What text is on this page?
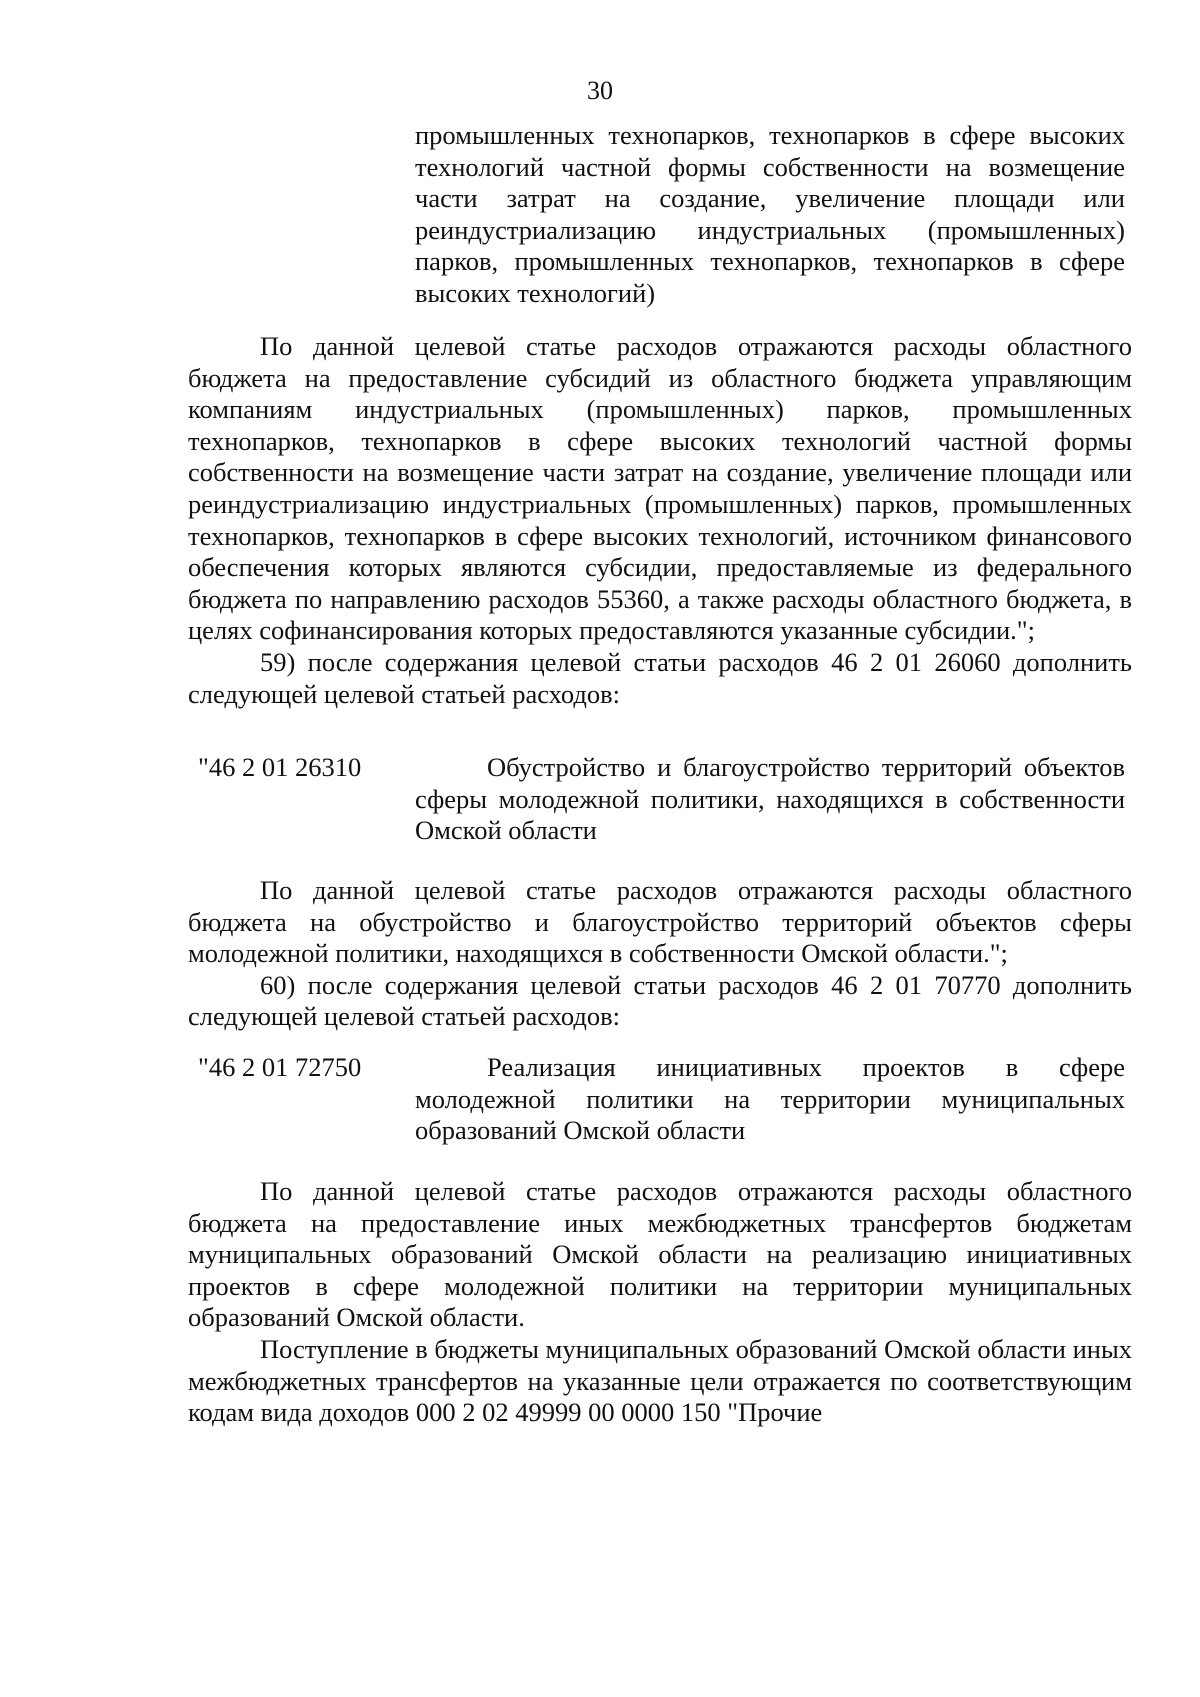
30

промышленных технопарков, технопарков в сфере высоких технологий частной формы собственности на возмещение части затрат на создание, увеличение площади или реиндустриализацию индустриальных (промышленных) парков, промышленных технопарков, технопарков в сфере высоких технологий)

По данной целевой статье расходов отражаются расходы областного бюджета на предоставление субсидий из областного бюджета управляющим компаниям индустриальных (промышленных) парков, промышленных технопарков, технопарков в сфере высоких технологий частной формы собственности на возмещение части затрат на создание, увеличение площади или реиндустриализацию индустриальных (промышленных) парков, промышленных технопарков, технопарков в сфере высоких технологий, источником финансового обеспечения которых являются субсидии, предоставляемые из федерального бюджета по направлению расходов 55360, а также расходы областного бюджета, в целях софинансирования которых предоставляются указанные субсидии.";

59) после содержания целевой статьи расходов 46 2 01 26060 дополнить следующей целевой статьей расходов:

"46 2 01 26310	Обустройство и благоустройство территорий объектов сферы молодежной политики, находящихся в собственности Омской области

По данной целевой статье расходов отражаются расходы областного бюджета на обустройство и благоустройство территорий объектов сферы молодежной политики, находящихся в собственности Омской области.";

60) после содержания целевой статьи расходов 46 2 01 70770 дополнить следующей целевой статьей расходов:

"46 2 01 72750	Реализация инициативных проектов в сфере молодежной политики на территории муниципальных образований Омской области

По данной целевой статье расходов отражаются расходы областного бюджета на предоставление иных межбюджетных трансфертов бюджетам муниципальных образований Омской области на реализацию инициативных проектов в сфере молодежной политики на территории муниципальных образований Омской области.

Поступление в бюджеты муниципальных образований Омской области иных межбюджетных трансфертов на указанные цели отражается по соответствующим кодам вида доходов 000 2 02 49999 00 0000 150 "Прочие
